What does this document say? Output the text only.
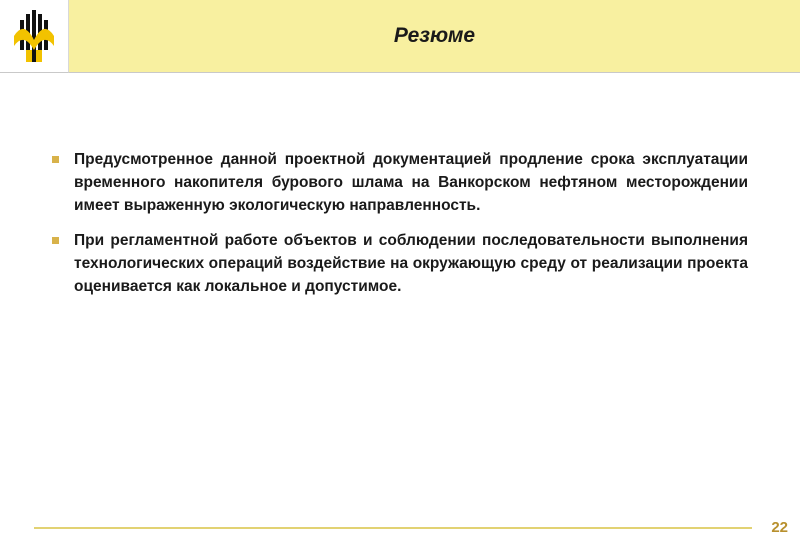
Резюме
Предусмотренное данной проектной документацией продление срока эксплуатации временного накопителя бурового шлама на Ванкорском нефтяном месторождении имеет выраженную экологическую направленность.
При регламентной работе объектов и соблюдении последовательности выполнения технологических операций воздействие на окружающую среду от реализации проекта оценивается как локальное и допустимое.
22
